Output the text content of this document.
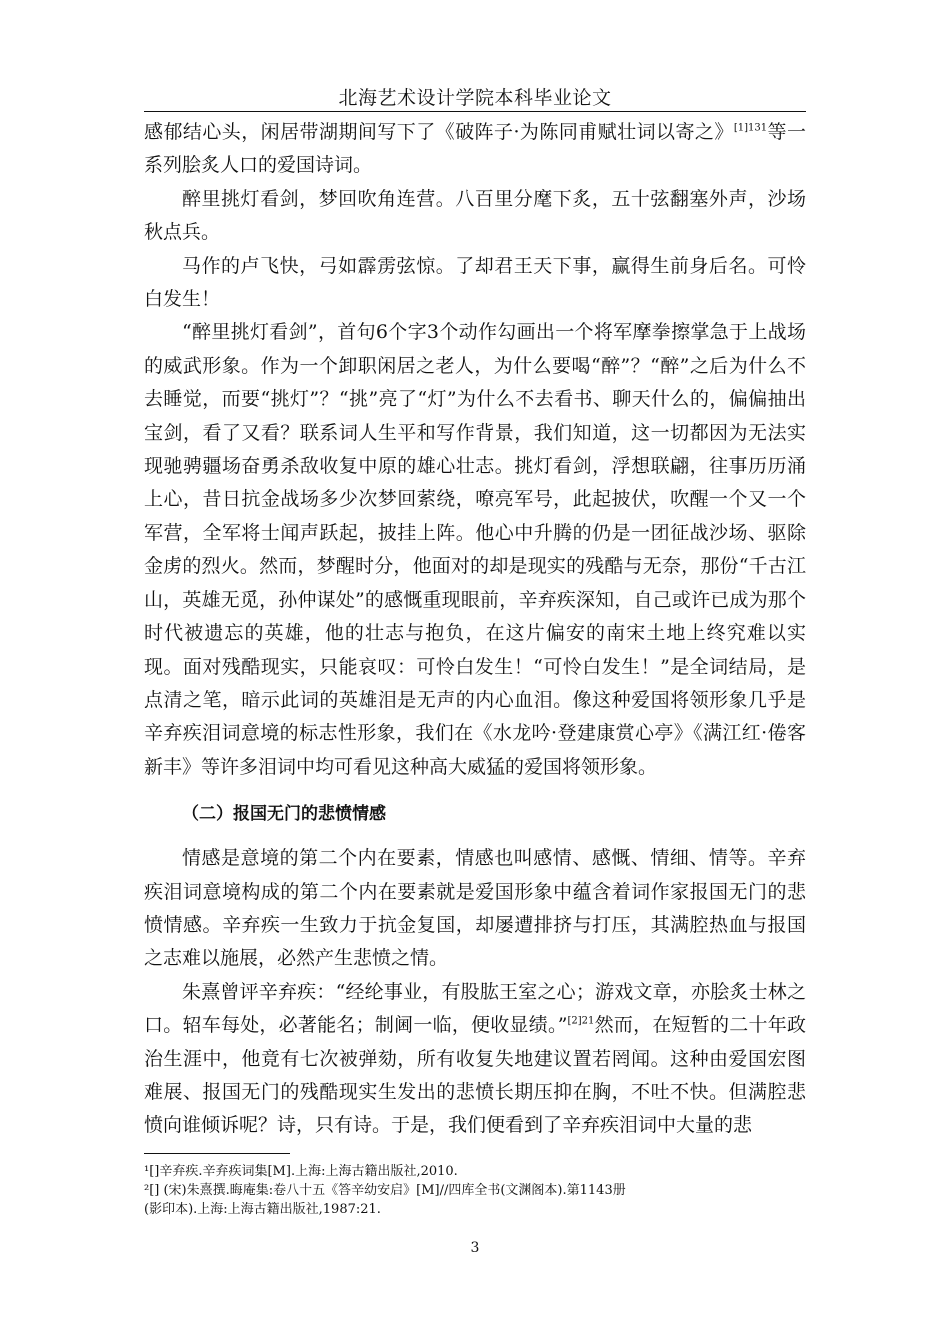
北海艺术设计学院本科毕业论文

感郁结心头，闲居带湖期间写下了《破阵子·为陈同甫赋壮词以寄之》$^{[1]131}$等一系列脍炙人口的爱国诗词。

醉里挑灯看剑，梦回吹角连营。八百里分麾下炙，五十弦翻塞外声，沙场秋点兵。

马作的卢飞快，弓如霹雳弦惊。了却君王天下事，赢得生前身后名。可怜白发生！

“醉里挑灯看剑”，首句6个字3个动作勾画出一个将军摩拳擦掌急于上战场的威武形象。作为一个卸职闲居之老人，为什么要喝“醉”？“醉”之后为什么不去睡觉，而要“挑灯”？“挑”亮了“灯”为什么不去看书、聊天什么的，偏偏抽出宝剑，看了又看？联系词人生平和写作背景，我们知道，这一切都因为无法实现驰骋疆场奋勇杀敌收复中原的雄心壮志。挑灯看剑，浮想联翩，往事历历涌上心，昔日抗金战场多少次梦回萦绕，嘹亮军号，此起披伏，吹醒一个又一个军营，全军将士闻声跃起，披挂上阵。他心中升腾的仍是一团征战沙场、驱除金虏的烈火。然而，梦醒时分，他面对的却是现实的残酷与无奈，那份“千古江山，英雄无觅，孙仲谋处”的感慨重现眼前，辛弃疾深知，自己或许已成为那个时代被遗忘的英雄，他的壮志与抱负，在这片偏安的南宋土地上终究难以实现。面对残酷现实，只能哀叹：可怜白发生！“可怜白发生！”是全词结局，是点清之笔，暗示此词的英雄泪是无声的内心血泪。像这种爱国将领形象几乎是辛弃疾泪词意境的标志性形象，我们在《水龙吟·登建康赏心亭》《满江红·倦客新丰》等许多泪词中均可看见这种高大威猛的爱国将领形象。

（二）报国无门的悲愤情感

情感是意境的第二个内在要素，情感也叫感情、感慨、情细、情等。辛弃疾泪词意境构成的第二个内在要素就是爱国形象中蕴含着词作家报国无门的悲愤情感。辛弃疾一生致力于抗金复国，却屡遭排挤与打压，其满腔热血与报国之志难以施展，必然产生悲愤之情。

朱熹曾评辛弃疾：“经纶事业，有股肱王室之心；游戏文章，亦脍炙士林之口。轺车每处，必著能名；制阃一临，便收显绩。”$^{[2]21}$然而，在短暂的二十年政治生涯中，他竟有七次被弹劾，所有收复失地建议置若罔闻。这种由爱国宏图难展、报国无门的残酷现实生发出的悲愤长期压抑在胸，不吐不快。但满腔悲愤向谁倾诉呢？诗，只有诗。于是，我们便看到了辛弃疾泪词中大量的悲

¹[]辛弃疾.辛弃疾词集[M].上海:上海古籍出版社,2010.
²[] (宋)朱熹撰.晦庵集:卷八十五《答辛幼安启》[M]//四库全书(文渊阁本).第1143册
(影印本).上海:上海古籍出版社,1987:21.
3
